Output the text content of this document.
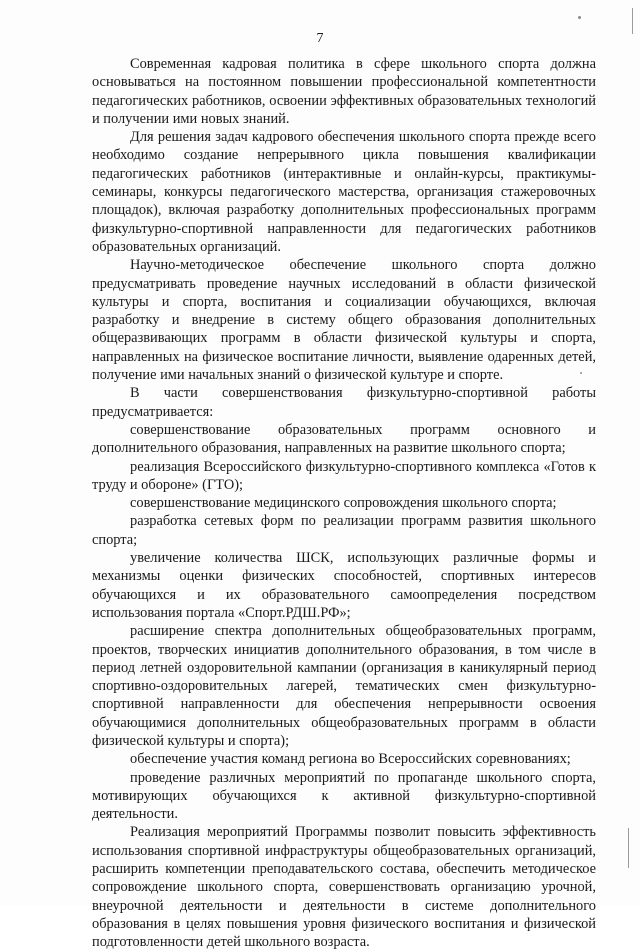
7

Современная кадровая политика в сфере школьного спорта должна основываться на постоянном повышении профессиональной компетентности педагогических работников, освоении эффективных образовательных технологий и получении ими новых знаний.

Для решения задач кадрового обеспечения школьного спорта прежде всего необходимо создание непрерывного цикла повышения квалификации педагогических работников (интерактивные и онлайн-курсы, практикумы-семинары, конкурсы педагогического мастерства, организация стажеровочных площадок), включая разработку дополнительных профессиональных программ физкультурно-спортивной направленности для педагогических работников образовательных организаций.

Научно-методическое обеспечение школьного спорта должно предусматривать проведение научных исследований в области физической культуры и спорта, воспитания и социализации обучающихся, включая разработку и внедрение в систему общего образования дополнительных общеразвивающих программ в области физической культуры и спорта, направленных на физическое воспитание личности, выявление одаренных детей, получение ими начальных знаний о физической культуре и спорте.

В части совершенствования физкультурно-спортивной работы предусматривается:

совершенствование образовательных программ основного и дополнительного образования, направленных на развитие школьного спорта;

реализация Всероссийского физкультурно-спортивного комплекса «Готов к труду и обороне» (ГТО);

совершенствование медицинского сопровождения школьного спорта;

разработка сетевых форм по реализации программ развития школьного спорта;

увеличение количества ШСК, использующих различные формы и механизмы оценки физических способностей, спортивных интересов обучающихся и их образовательного самоопределения посредством использования портала «Спорт.РДШ.РФ»;

расширение спектра дополнительных общеобразовательных программ, проектов, творческих инициатив дополнительного образования, в том числе в период летней оздоровительной кампании (организация в каникулярный период спортивно-оздоровительных лагерей, тематических смен физкультурно-спортивной направленности для обеспечения непрерывности освоения обучающимися дополнительных общеобразовательных программ в области физической культуры и спорта);

обеспечение участия команд региона во Всероссийских соревнованиях;

проведение различных мероприятий по пропаганде школьного спорта, мотивирующих обучающихся к активной физкультурно-спортивной деятельности.

Реализация мероприятий Программы позволит повысить эффективность использования спортивной инфраструктуры общеобразовательных организаций, расширить компетенции преподавательского состава, обеспечить методическое сопровождение школьного спорта, совершенствовать организацию урочной, внеурочной деятельности и деятельности в системе дополнительного образования в целях повышения уровня физического воспитания и физической подготовленности детей школьного возраста.
